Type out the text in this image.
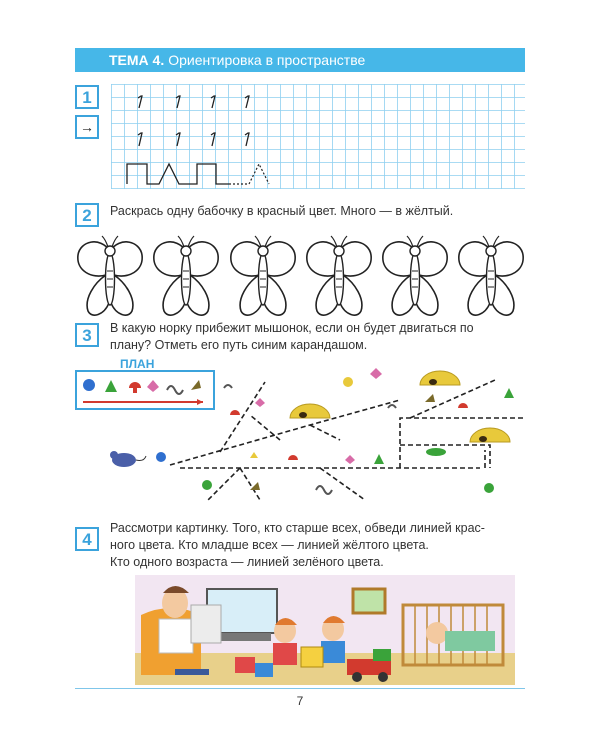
ТЕМА 4. Ориентировка в пространстве
1
→
2	Раскрась одну бабочку в красный цвет. Много — в жёлтый.
3	В какую норку прибежит мышонок, если он будет двигаться по
плану? Отметь его путь синим карандашом.
ПЛАН
4
Рассмотри картинку. Того, кто старше всех, обведи линией крас-
ного цвета. Кто младше всех — линией жёлтого цвета.
Кто одного возраста — линией зелёного цвета.
7
